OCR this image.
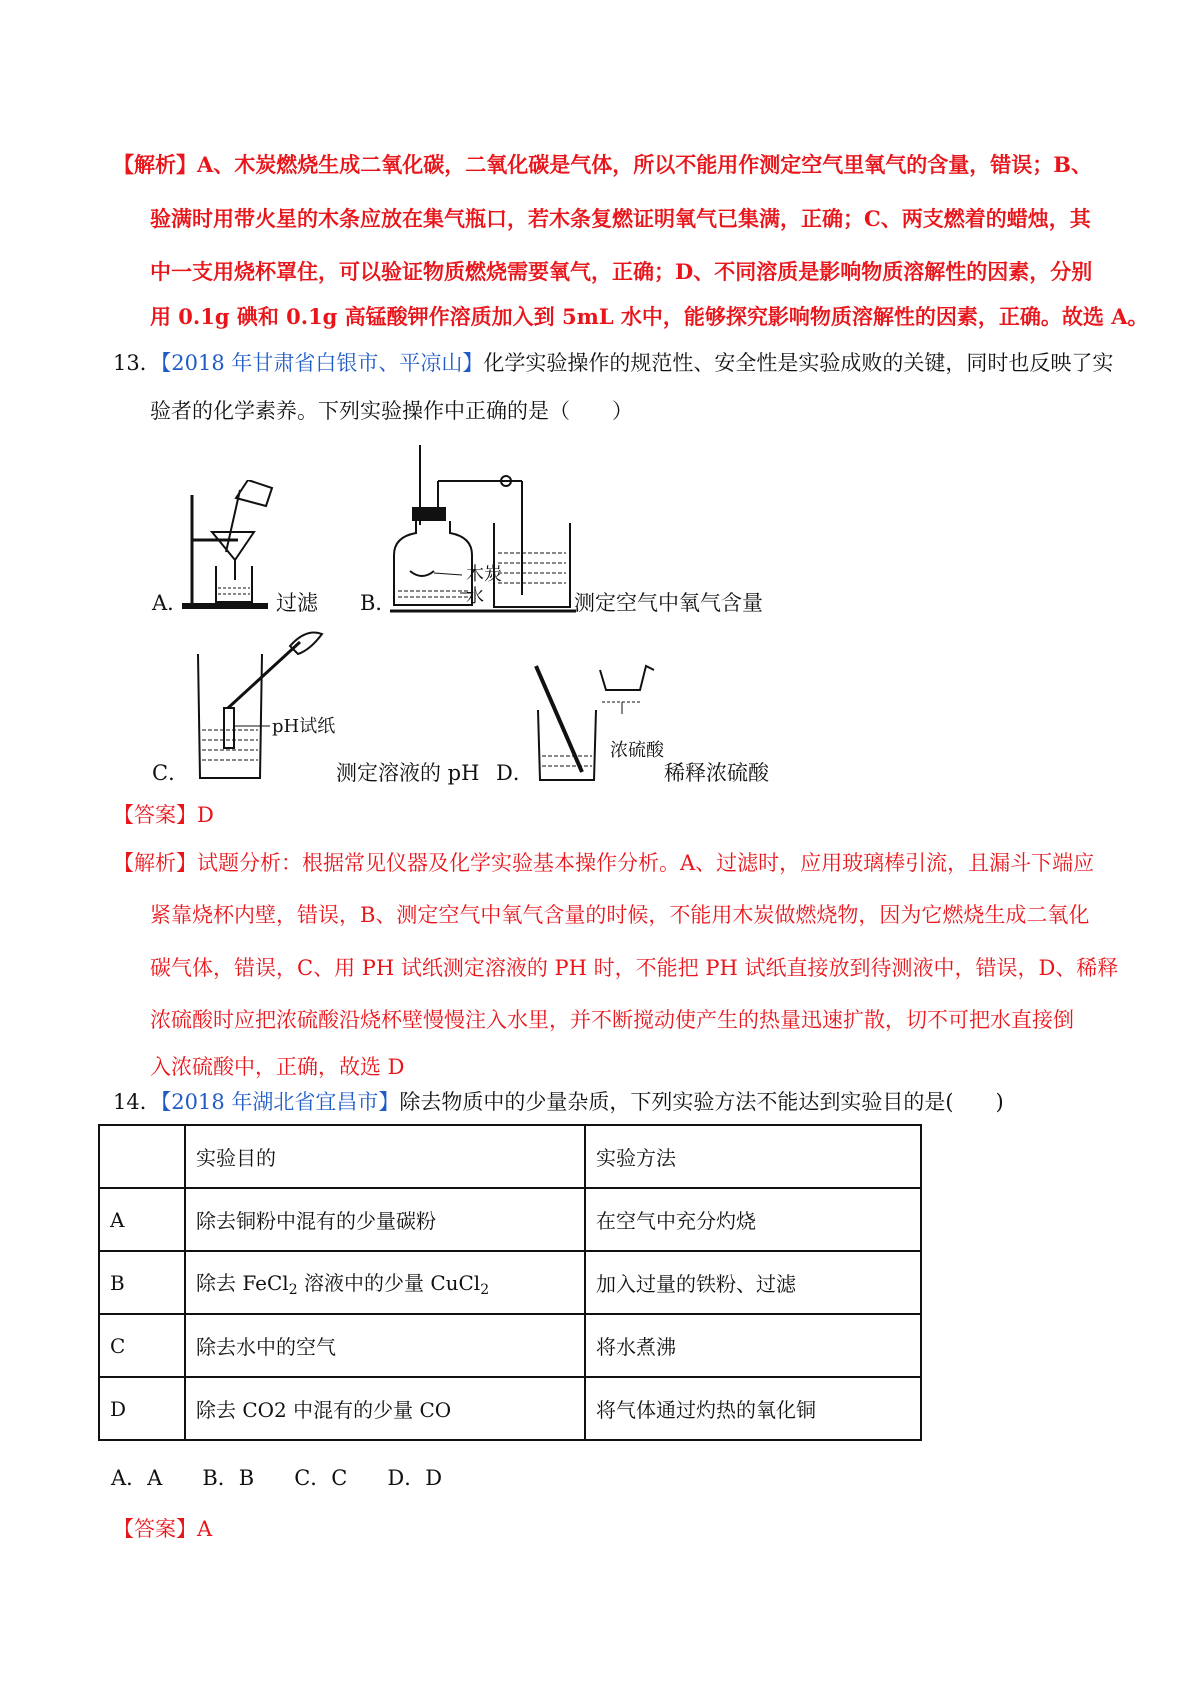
【解析】A、木炭燃烧生成二氧化碳，二氧化碳是气体，所以不能用作测定空气里氧气的含量，错误；B、
验满时用带火星的木条应放在集气瓶口，若木条复燃证明氧气已集满，正确；C、两支燃着的蜡烛，其
中一支用烧杯罩住，可以验证物质燃烧需要氧气，正确；D、不同溶质是影响物质溶解性的因素，分别
用 0.1g 碘和 0.1g 高锰酸钾作溶质加入到 5mL 水中，能够探究影响物质溶解性的因素，正确。故选 A。
13．【2018 年甘肃省白银市、平凉山】化学实验操作的规范性、安全性是实验成败的关键，同时也反映了实
验者的化学素养。下列实验操作中正确的是（　　）
A．	过滤
木炭
水
B．	测定空气中氧气含量
pH试纸
C．	测定溶液的 pH
浓硫酸
D．	稀释浓硫酸
【答案】D
【解析】试题分析：根据常见仪器及化学实验基本操作分析。A、过滤时，应用玻璃棒引流，且漏斗下端应
紧靠烧杯内壁，错误，B、测定空气中氧气含量的时候，不能用木炭做燃烧物，因为它燃烧生成二氧化
碳气体，错误，C、用 PH 试纸测定溶液的 PH 时，不能把 PH 试纸直接放到待测液中，错误，D、稀释
浓硫酸时应把浓硫酸沿烧杯壁慢慢注入水里，并不断搅动使产生的热量迅速扩散，切不可把水直接倒
入浓硫酸中，正确，故选 D
14．【2018 年湖北省宜昌市】除去物质中的少量杂质，下列实验方法不能达到实验目的是(　　)
	实验目的	实验方法
A	除去铜粉中混有的少量碳粉	在空气中充分灼烧
B	除去 FeCl$_2$ 溶液中的少量 CuCl$_2$	加入过量的铁粉、过滤
C	除去水中的空气	将水煮沸
D	除去 CO2 中混有的少量 CO	将气体通过灼热的氧化铜
A．A B．B C．C D．D
【答案】A
